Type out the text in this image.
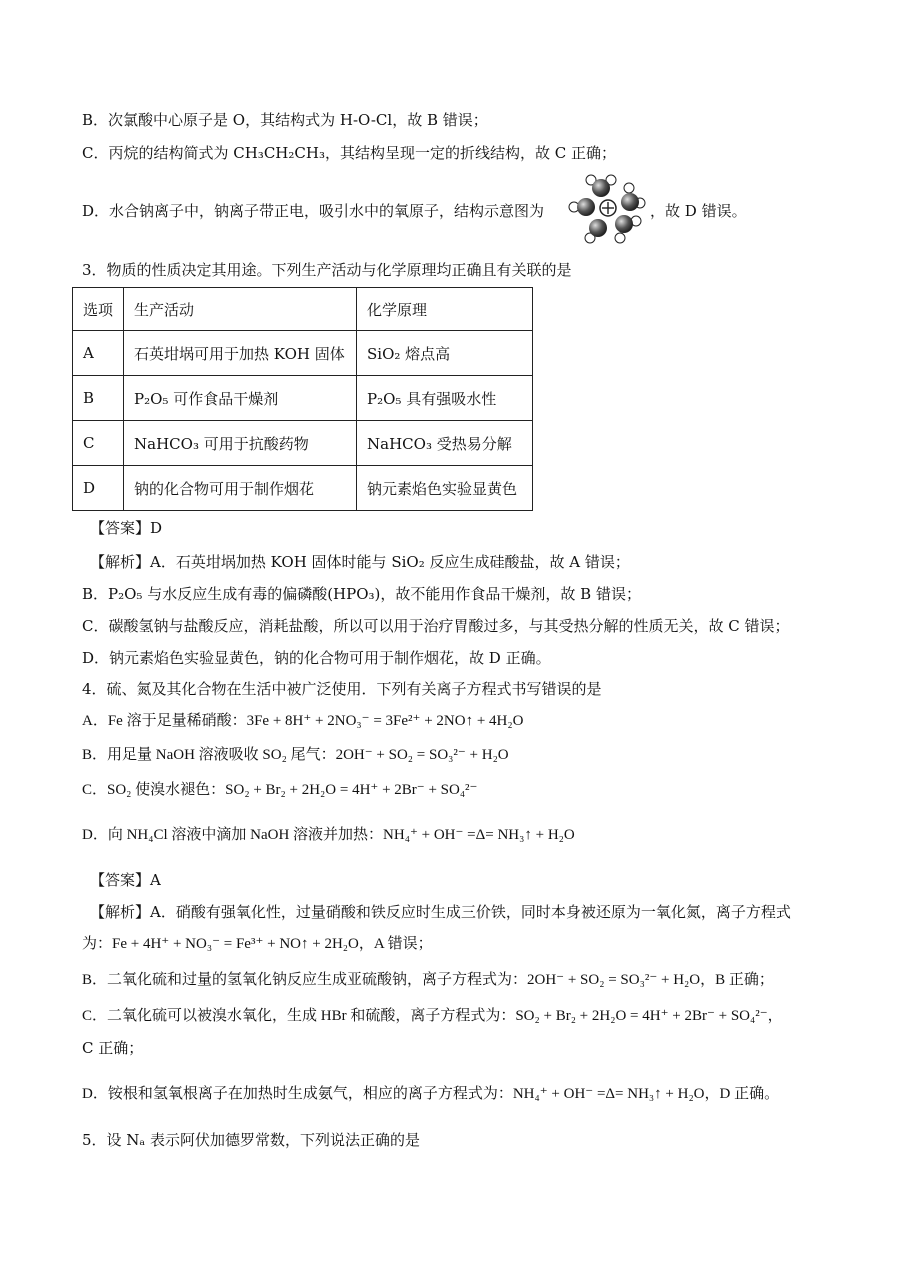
B．次氯酸中心原子是 O，其结构式为 H-O-Cl，故 B 错误；
C．丙烷的结构简式为 CH₃CH₂CH₃，其结构呈现一定的折线结构，故 C 正确；
D．水合钠离子中，钠离子带正电，吸引水中的氧原子，结构示意图为	，故 D 错误。
3．物质的性质决定其用途。下列生产活动与化学原理均正确且有关联的是
选项	生产活动	化学原理
A	石英坩埚可用于加热 KOH 固体	SiO₂ 熔点高
B	P₂O₅ 可作食品干燥剂	P₂O₅ 具有强吸水性
C	NaHCO₃ 可用于抗酸药物	NaHCO₃ 受热易分解
D	钠的化合物可用于制作烟花	钠元素焰色实验显黄色
【答案】D
【解析】A．石英坩埚加热 KOH 固体时能与 SiO₂ 反应生成硅酸盐，故 A 错误；
B．P₂O₅ 与水反应生成有毒的偏磷酸(HPO₃)，故不能用作食品干燥剂，故 B 错误；
C．碳酸氢钠与盐酸反应，消耗盐酸，所以可以用于治疗胃酸过多，与其受热分解的性质无关，故 C 错误；
D．钠元素焰色实验显黄色，钠的化合物可用于制作烟花，故 D 正确。
4．硫、氮及其化合物在生活中被广泛使用．下列有关离子方程式书写错误的是
A．Fe 溶于足量稀硝酸：3Fe + 8H⁺ + 2NO₃⁻ = 3Fe²⁺ + 2NO↑ + 4H₂O
B．用足量 NaOH 溶液吸收 SO₂ 尾气：2OH⁻ + SO₂ = SO₃²⁻ + H₂O
C．SO₂ 使溴水褪色：SO₂ + Br₂ + 2H₂O = 4H⁺ + 2Br⁻ + SO₄²⁻
D．向 NH₄Cl 溶液中滴加 NaOH 溶液并加热：NH₄⁺ + OH⁻ =Δ= NH₃↑ + H₂O
【答案】A
【解析】A．硝酸有强氧化性，过量硝酸和铁反应时生成三价铁，同时本身被还原为一氧化氮，离子方程式
为：Fe + 4H⁺ + NO₃⁻ = Fe³⁺ + NO↑ + 2H₂O，A 错误；
B．二氧化硫和过量的氢氧化钠反应生成亚硫酸钠，离子方程式为：2OH⁻ + SO₂ = SO₃²⁻ + H₂O，B 正确；
C．二氧化硫可以被溴水氧化，生成 HBr 和硫酸，离子方程式为：SO₂ + Br₂ + 2H₂O = 4H⁺ + 2Br⁻ + SO₄²⁻，
C 正确；
D．铵根和氢氧根离子在加热时生成氨气，相应的离子方程式为：NH₄⁺ + OH⁻ =Δ= NH₃↑ + H₂O，D 正确。
5．设 Nₐ 表示阿伏加德罗常数，下列说法正确的是
